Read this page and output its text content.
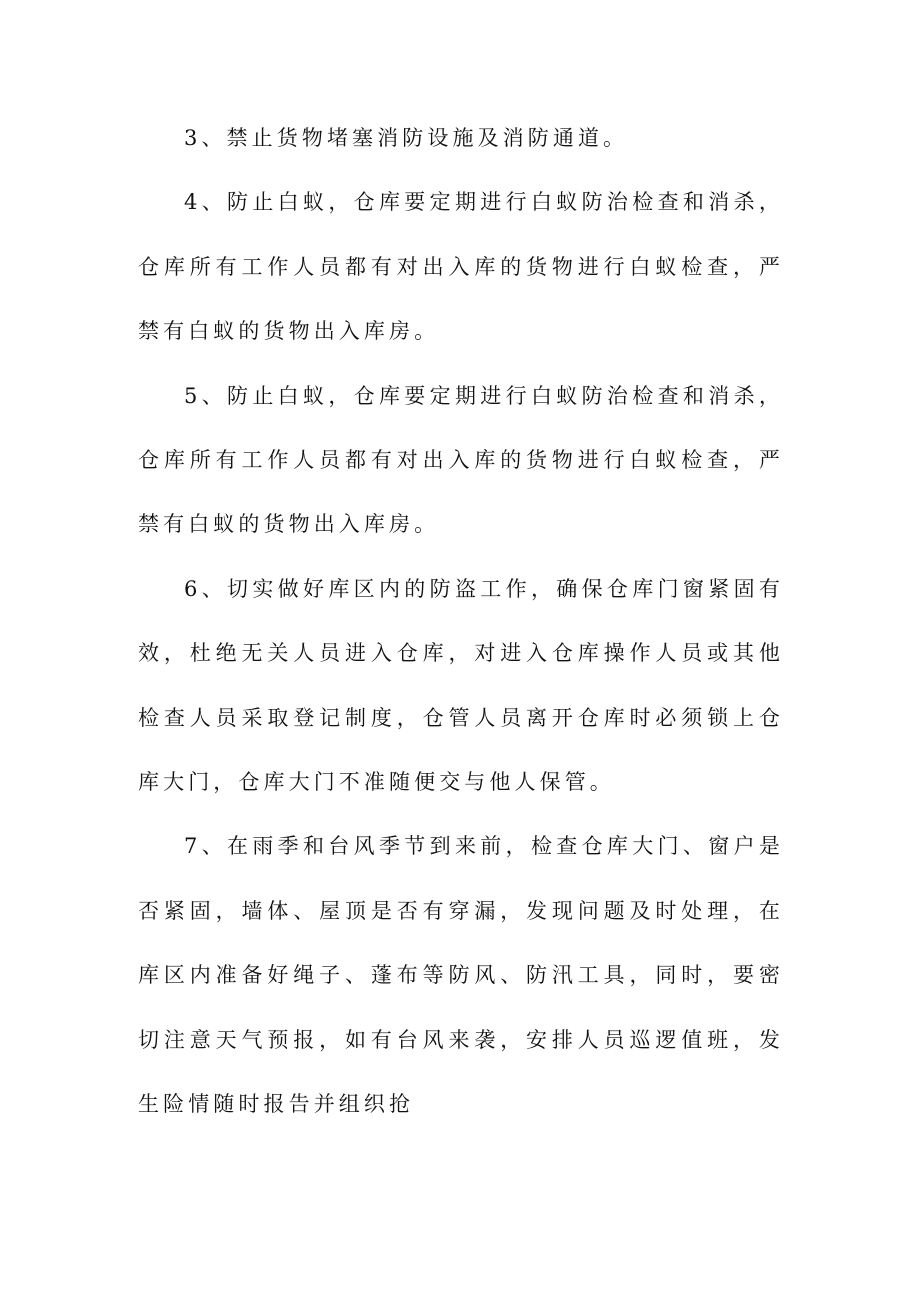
3、禁止货物堵塞消防设施及消防通道。

4、防止白蚁，仓库要定期进行白蚁防治检查和消杀，仓库所有工作人员都有对出入库的货物进行白蚁检查，严禁有白蚁的货物出入库房。

5、防止白蚁，仓库要定期进行白蚁防治检查和消杀，仓库所有工作人员都有对出入库的货物进行白蚁检查，严禁有白蚁的货物出入库房。

6、切实做好库区内的防盗工作，确保仓库门窗紧固有效，杜绝无关人员进入仓库，对进入仓库操作人员或其他检查人员采取登记制度，仓管人员离开仓库时必须锁上仓库大门，仓库大门不准随便交与他人保管。

7、在雨季和台风季节到来前，检查仓库大门、窗户是否紧固，墙体、屋顶是否有穿漏，发现问题及时处理，在库区内准备好绳子、蓬布等防风、防汛工具，同时，要密切注意天气预报，如有台风来袭，安排人员巡逻值班，发生险情随时报告并组织抢
